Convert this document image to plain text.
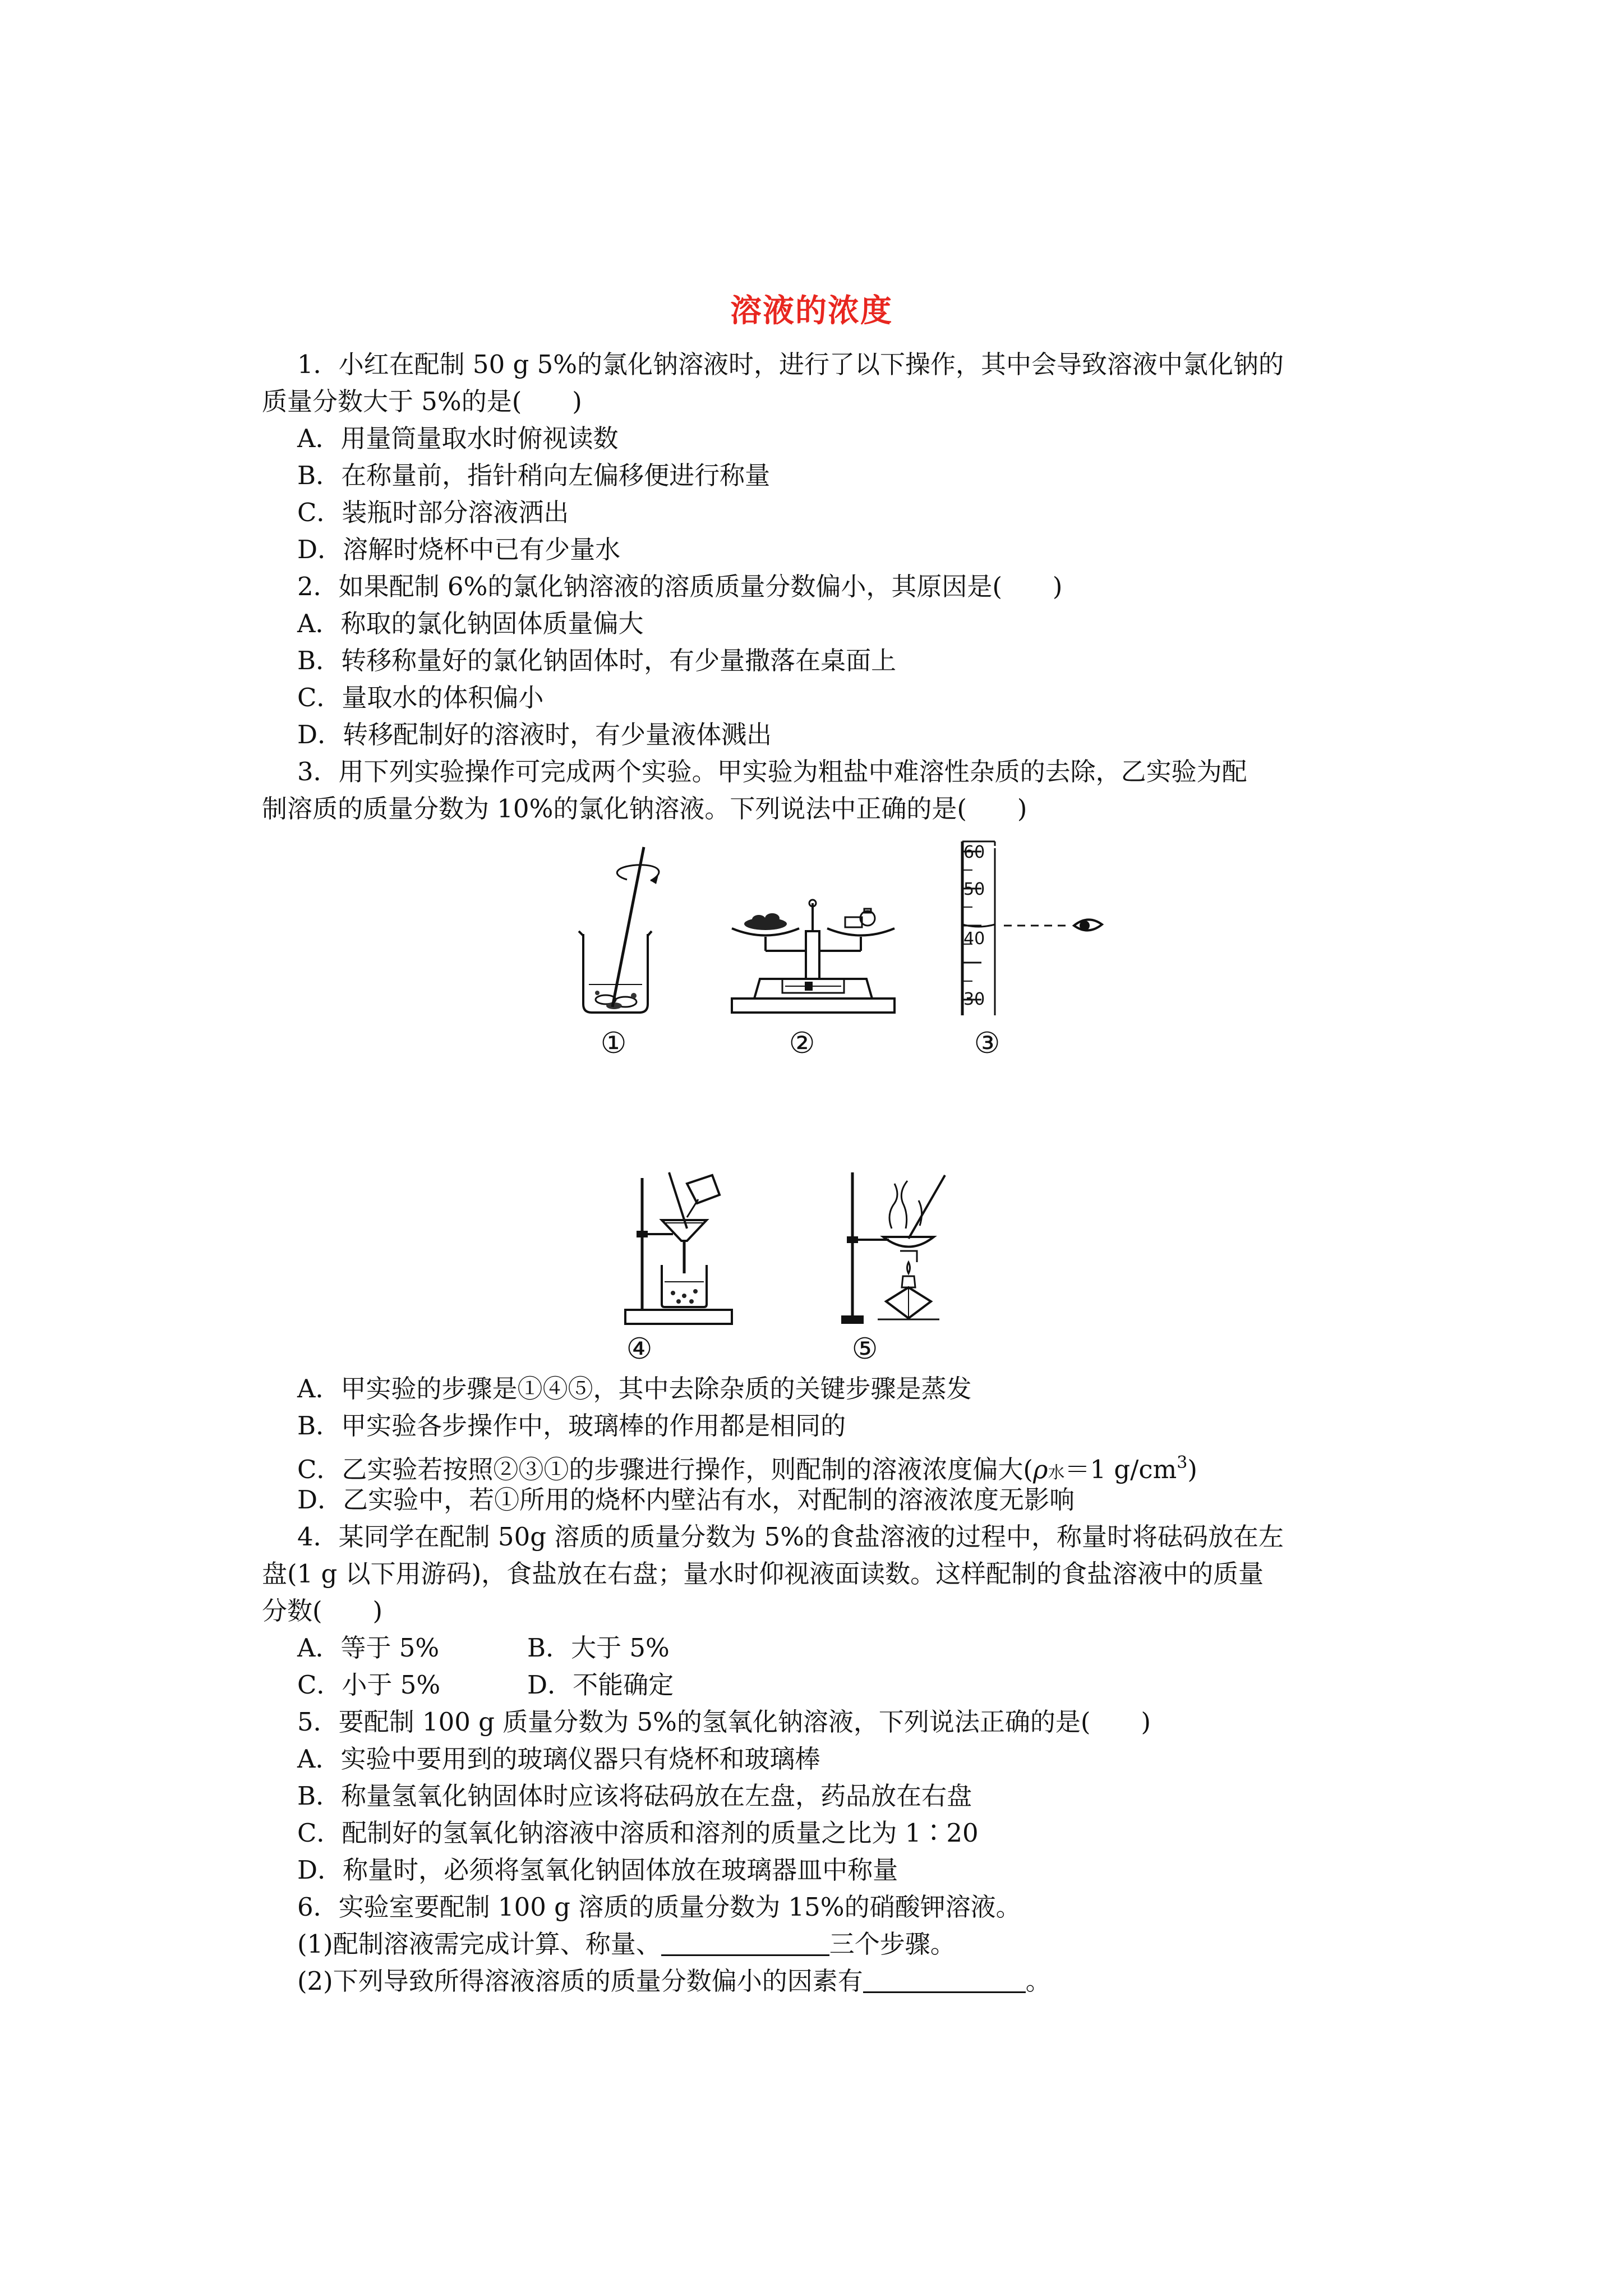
溶液的浓度
1．小红在配制 50 g 5%的氯化钠溶液时，进行了以下操作，其中会导致溶液中氯化钠的
质量分数大于 5%的是(　　)
A．用量筒量取水时俯视读数
B．在称量前，指针稍向左偏移便进行称量
C．装瓶时部分溶液洒出
D．溶解时烧杯中已有少量水
2．如果配制 6%的氯化钠溶液的溶质质量分数偏小，其原因是(　　)
A．称取的氯化钠固体质量偏大
B．转移称量好的氯化钠固体时，有少量撒落在桌面上
C．量取水的体积偏小
D．转移配制好的溶液时，有少量液体溅出
3．用下列实验操作可完成两个实验。甲实验为粗盐中难溶性杂质的去除，乙实验为配
制溶质的质量分数为 10%的氯化钠溶液。下列说法中正确的是(　　)
①	②
60
50
40
30
③
④	⑤
A．甲实验的步骤是①④⑤，其中去除杂质的关键步骤是蒸发
B．甲实验各步操作中，玻璃棒的作用都是相同的
C．乙实验若按照②③①的步骤进行操作，则配制的溶液浓度偏大(ρ水＝1 $g/cm^3$)
D．乙实验中，若①所用的烧杯内壁沾有水，对配制的溶液浓度无影响
4．某同学在配制 50g 溶质的质量分数为 5%的食盐溶液的过程中，称量时将砝码放在左
盘(1 g 以下用游码)，食盐放在右盘；量水时仰视液面读数。这样配制的食盐溶液中的质量
分数(　　)
A．等于 5%	B．大于 5%
C．小于 5%	D．不能确定
5．要配制 100 g 质量分数为 5%的氢氧化钠溶液，下列说法正确的是(　　)
A．实验中要用到的玻璃仪器只有烧杯和玻璃棒
B．称量氢氧化钠固体时应该将砝码放在左盘，药品放在右盘
C．配制好的氢氧化钠溶液中溶质和溶剂的质量之比为 1∶20
D．称量时，必须将氢氧化钠固体放在玻璃器皿中称量
6．实验室要配制 100 g 溶质的质量分数为 15%的硝酸钾溶液。
(1)配制溶液需完成计算、称量、	三个步骤。
(2)下列导致所得溶液溶质的质量分数偏小的因素有	。
